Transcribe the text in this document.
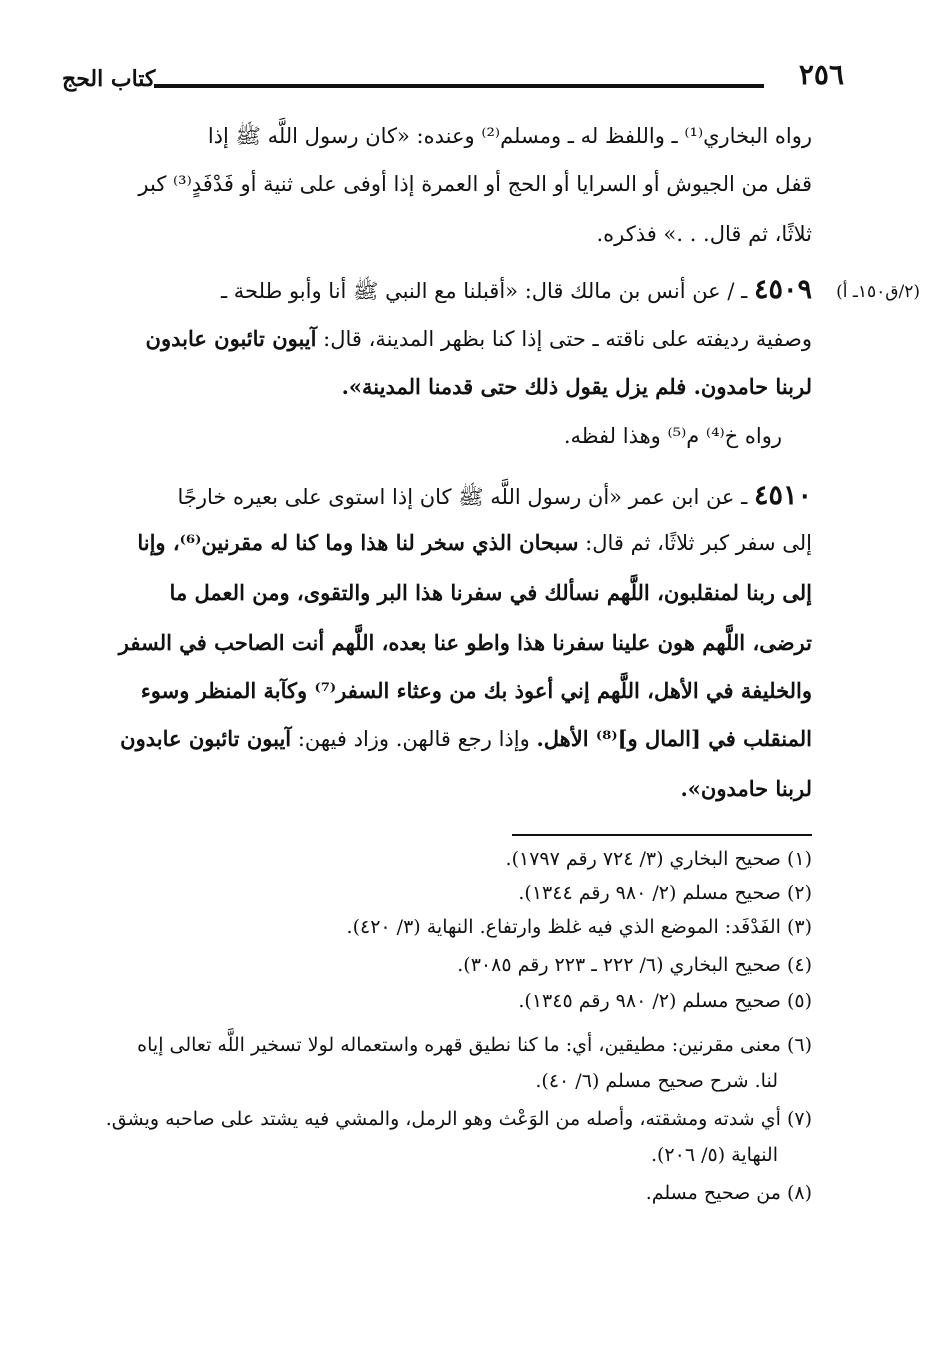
٢٥٦
كتاب الحج
رواه البخاري⁽¹⁾ ـ واللفظ له ـ ومسلم⁽²⁾ وعنده: «كان رسول اللَّه ﷺ إذا
قفل من الجيوش أو السرايا أو الحج أو العمرة إذا أوفى على ثنية أو فَدْفَدٍ⁽³⁾ كبر
ثلاثًا، ثم قال. . .» فذكره.
(٢/ق١٥٠ـ أ)
٤٥٠٩ ـ / عن أنس بن مالك قال: «أقبلنا مع النبي ﷺ أنا وأبو طلحة ـ
وصفية رديفته على ناقته ـ حتى إذا كنا بظهر المدينة، قال: آيبون تائبون عابدون
لربنا حامدون. فلم يزل يقول ذلك حتى قدمنا المدينة».
رواه خ⁽⁴⁾ م⁽⁵⁾ وهذا لفظه.
٤٥١٠ ـ عن ابن عمر «أن رسول اللَّه ﷺ كان إذا استوى على بعيره خارجًا
إلى سفر كبر ثلاثًا، ثم قال: سبحان الذي سخر لنا هذا وما كنا له مقرنين⁽⁶⁾، وإنا
إلى ربنا لمنقلبون، اللَّهم نسألك في سفرنا هذا البر والتقوى، ومن العمل ما
ترضى، اللَّهم هون علينا سفرنا هذا واطو عنا بعده، اللَّهم أنت الصاحب في السفر
والخليفة في الأهل، اللَّهم إني أعوذ بك من وعثاء السفر⁽⁷⁾ وكآبة المنظر وسوء
المنقلب في [المال و]⁽⁸⁾ الأهل. وإذا رجع قالهن. وزاد فيهن: آيبون تائبون عابدون
لربنا حامدون».
(١) صحيح البخاري (٣/ ٧٢٤ رقم ١٧٩٧).
(٢) صحيح مسلم (٢/ ٩٨٠ رقم ١٣٤٤).
(٣) الفَدْفَد: الموضع الذي فيه غلظ وارتفاع. النهاية (٣/ ٤٢٠).
(٤) صحيح البخاري (٦/ ٢٢٢ ـ ٢٢٣ رقم ٣٠٨٥).
(٥) صحيح مسلم (٢/ ٩٨٠ رقم ١٣٤٥).
(٦) معنى مقرنين: مطيقين، أي: ما كنا نطيق قهره واستعماله لولا تسخير اللَّه تعالى إياه
لنا. شرح صحيح مسلم (٦/ ٤٠).
(٧) أي شدته ومشقته، وأصله من الوَعْث وهو الرمل، والمشي فيه يشتد على صاحبه ويشق.
النهاية (٥/ ٢٠٦).
(٨) من صحيح مسلم.
